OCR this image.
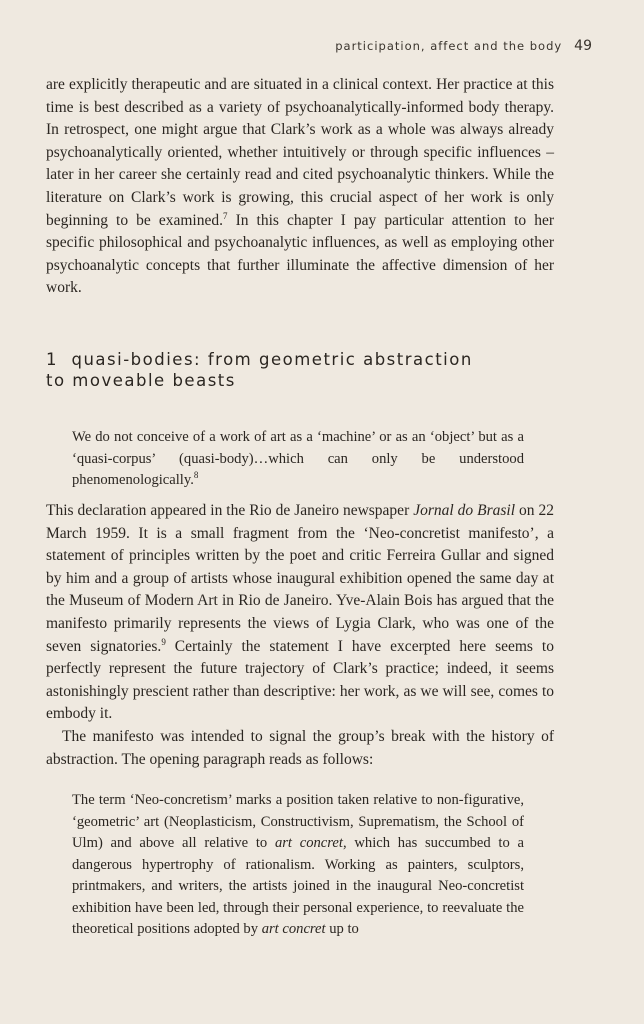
participation, affect and the body 49

are explicitly therapeutic and are situated in a clinical context. Her practice at this time is best described as a variety of psychoanalytically-informed body therapy. In retrospect, one might argue that Clark’s work as a whole was always already psychoanalytically oriented, whether intuitively or through specific influences – later in her career she certainly read and cited psychoanalytic thinkers. While the literature on Clark’s work is growing, this crucial aspect of her work is only beginning to be examined.$^7$ In this chapter I pay particular attention to her specific philosophical and psychoanalytic influences, as well as employing other psychoanalytic concepts that further illuminate the affective dimension of her work.

1 quasi-bodies: from geometric abstraction
to moveable beasts

We do not conceive of a work of art as a ‘machine’ or as an ‘object’ but as a ‘quasi-corpus’ (quasi-body)…which can only be understood phenomenologically.$^8$

This declaration appeared in the Rio de Janeiro newspaper Jornal do Brasil on 22 March 1959. It is a small fragment from the ‘Neo-concretist manifesto’, a statement of principles written by the poet and critic Ferreira Gullar and signed by him and a group of artists whose inaugural exhibition opened the same day at the Museum of Modern Art in Rio de Janeiro. Yve-Alain Bois has argued that the manifesto primarily represents the views of Lygia Clark, who was one of the seven signatories.$^9$ Certainly the statement I have excerpted here seems to perfectly represent the future trajectory of Clark’s practice; indeed, it seems astonishingly prescient rather than descriptive: her work, as we will see, comes to embody it.

The manifesto was intended to signal the group’s break with the history of abstraction. The opening paragraph reads as follows:

The term ‘Neo-concretism’ marks a position taken relative to non-figurative, ‘geometric’ art (Neoplasticism, Constructivism, Suprematism, the School of Ulm) and above all relative to art concret, which has succumbed to a dangerous hypertrophy of rationalism. Working as painters, sculptors, printmakers, and writers, the artists joined in the inaugural Neo-concretist exhibition have been led, through their personal experience, to reevaluate the theoretical positions adopted by art concret up to
